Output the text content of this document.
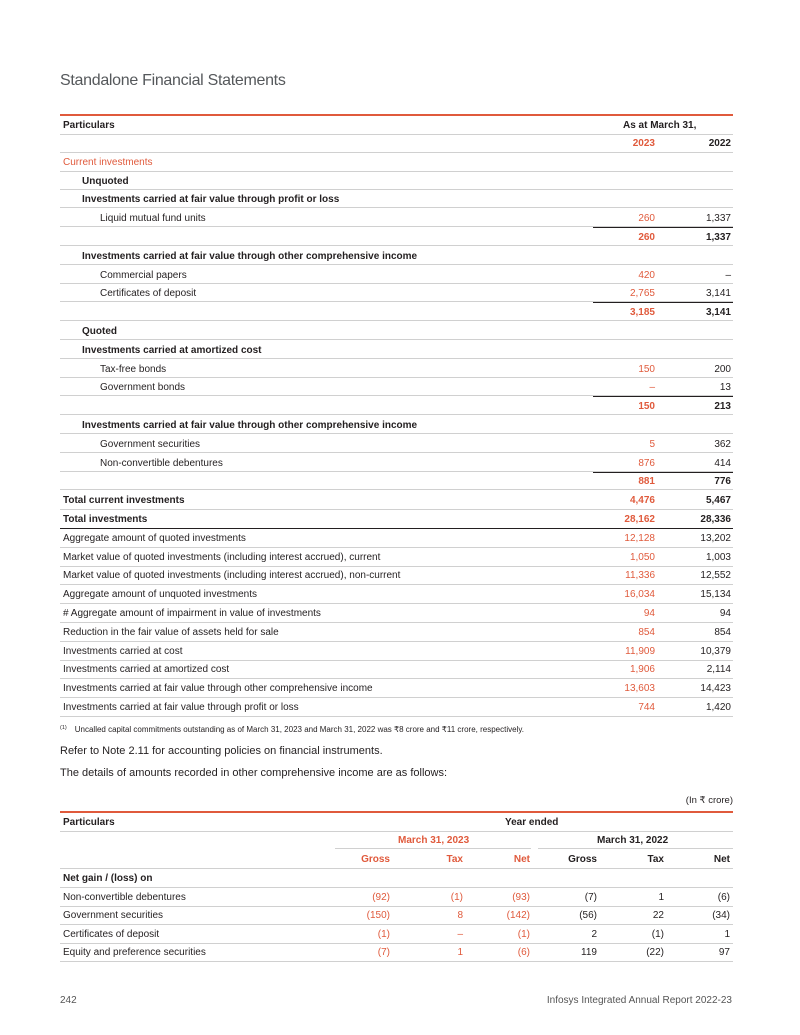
Standalone Financial Statements
Particulars	As at March 31,
2023	2022
Current investments
Unquoted
Investments carried at fair value through profit or loss
Liquid mutual fund units	260	1,337
260	1,337
Investments carried at fair value through other comprehensive income
Commercial papers	420	–
Certificates of deposit	2,765	3,141
3,185	3,141
Quoted
Investments carried at amortized cost
Tax-free bonds	150	200
Government bonds	–	13
150	213
Investments carried at fair value through other comprehensive income
Government securities	5	362
Non-convertible debentures	876	414
881	776
Total current investments	4,476	5,467
Total investments	28,162	28,336
Aggregate amount of quoted investments	12,128	13,202
Market value of quoted investments (including interest accrued), current	1,050	1,003
Market value of quoted investments (including interest accrued), non-current	11,336	12,552
Aggregate amount of unquoted investments	16,034	15,134
# Aggregate amount of impairment in value of investments	94	94
Reduction in the fair value of assets held for sale	854	854
Investments carried at cost	11,909	10,379
Investments carried at amortized cost	1,906	2,114
Investments carried at fair value through other comprehensive income	13,603	14,423
Investments carried at fair value through profit or loss	744	1,420
$^{(1)}$ Uncalled capital commitments outstanding as of March 31, 2023 and March 31, 2022 was ₹8 crore and ₹11 crore, respectively.
Refer to Note 2.11 for accounting policies on financial instruments.
The details of amounts recorded in other comprehensive income are as follows:
(In ₹ crore)
Particulars	Year ended
March 31, 2023	March 31, 2022
Gross	Tax	Net	Gross	Tax	Net
Net gain / (loss) on
Non-convertible debentures	(92)	(1)	(93)	(7)	1	(6)
Government securities	(150)	8	(142)	(56)	22	(34)
Certificates of deposit	(1)	–	(1)	2	(1)	1
Equity and preference securities	(7)	1	(6)	119	(22)	97
242	Infosys Integrated Annual Report 2022-23
